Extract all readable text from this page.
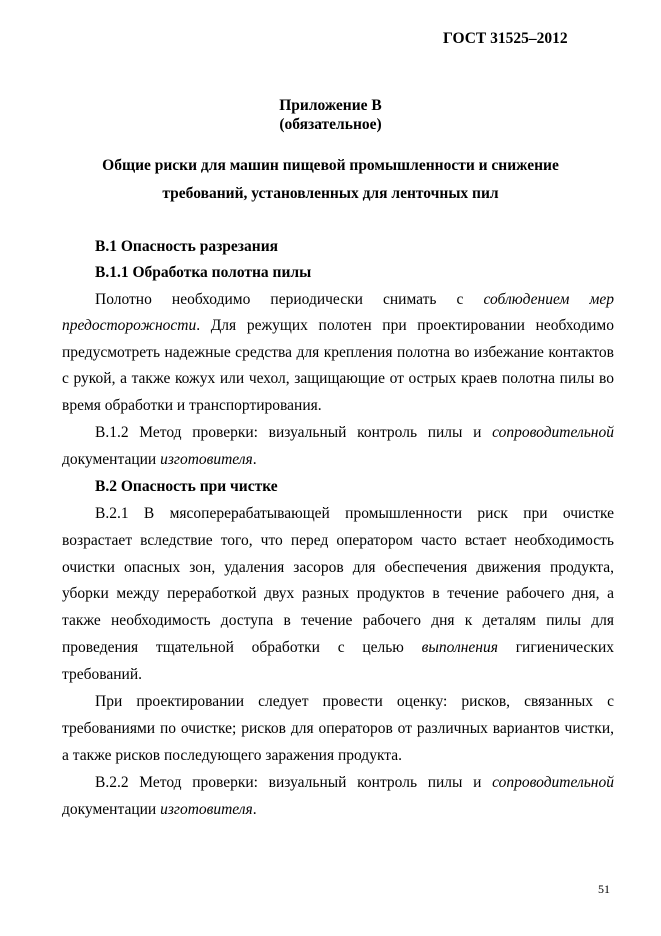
ГОСТ 31525–2012
Приложение В
(обязательное)
Общие риски для машин пищевой промышленности и снижение
требований, установленных для ленточных пил
В.1 Опасность разрезания
В.1.1 Обработка полотна пилы
Полотно необходимо периодически снимать с соблюдением мер
предосторожности. Для режущих полотен при проектировании необходимо
предусмотреть надежные средства для крепления полотна во избежание контактов
с рукой, а также кожух или чехол, защищающие от острых краев полотна пилы во
время обработки и транспортирования.
В.1.2 Метод проверки: визуальный контроль пилы и сопроводительной
документации изготовителя.
В.2 Опасность при чистке
В.2.1 В мясоперерабатывающей промышленности риск при очистке
возрастает вследствие того, что перед оператором часто встает необходимость
очистки опасных зон, удаления засоров для обеспечения движения продукта,
уборки между переработкой двух разных продуктов в течение рабочего дня, а
также необходимость доступа в течение рабочего дня к деталям пилы для
проведения тщательной обработки с целью выполнения гигиенических
требований.
При проектировании следует провести оценку: рисков, связанных с
требованиями по очистке; рисков для операторов от различных вариантов чистки,
а также рисков последующего заражения продукта.
В.2.2 Метод проверки: визуальный контроль пилы и сопроводительной
документации изготовителя.
51
